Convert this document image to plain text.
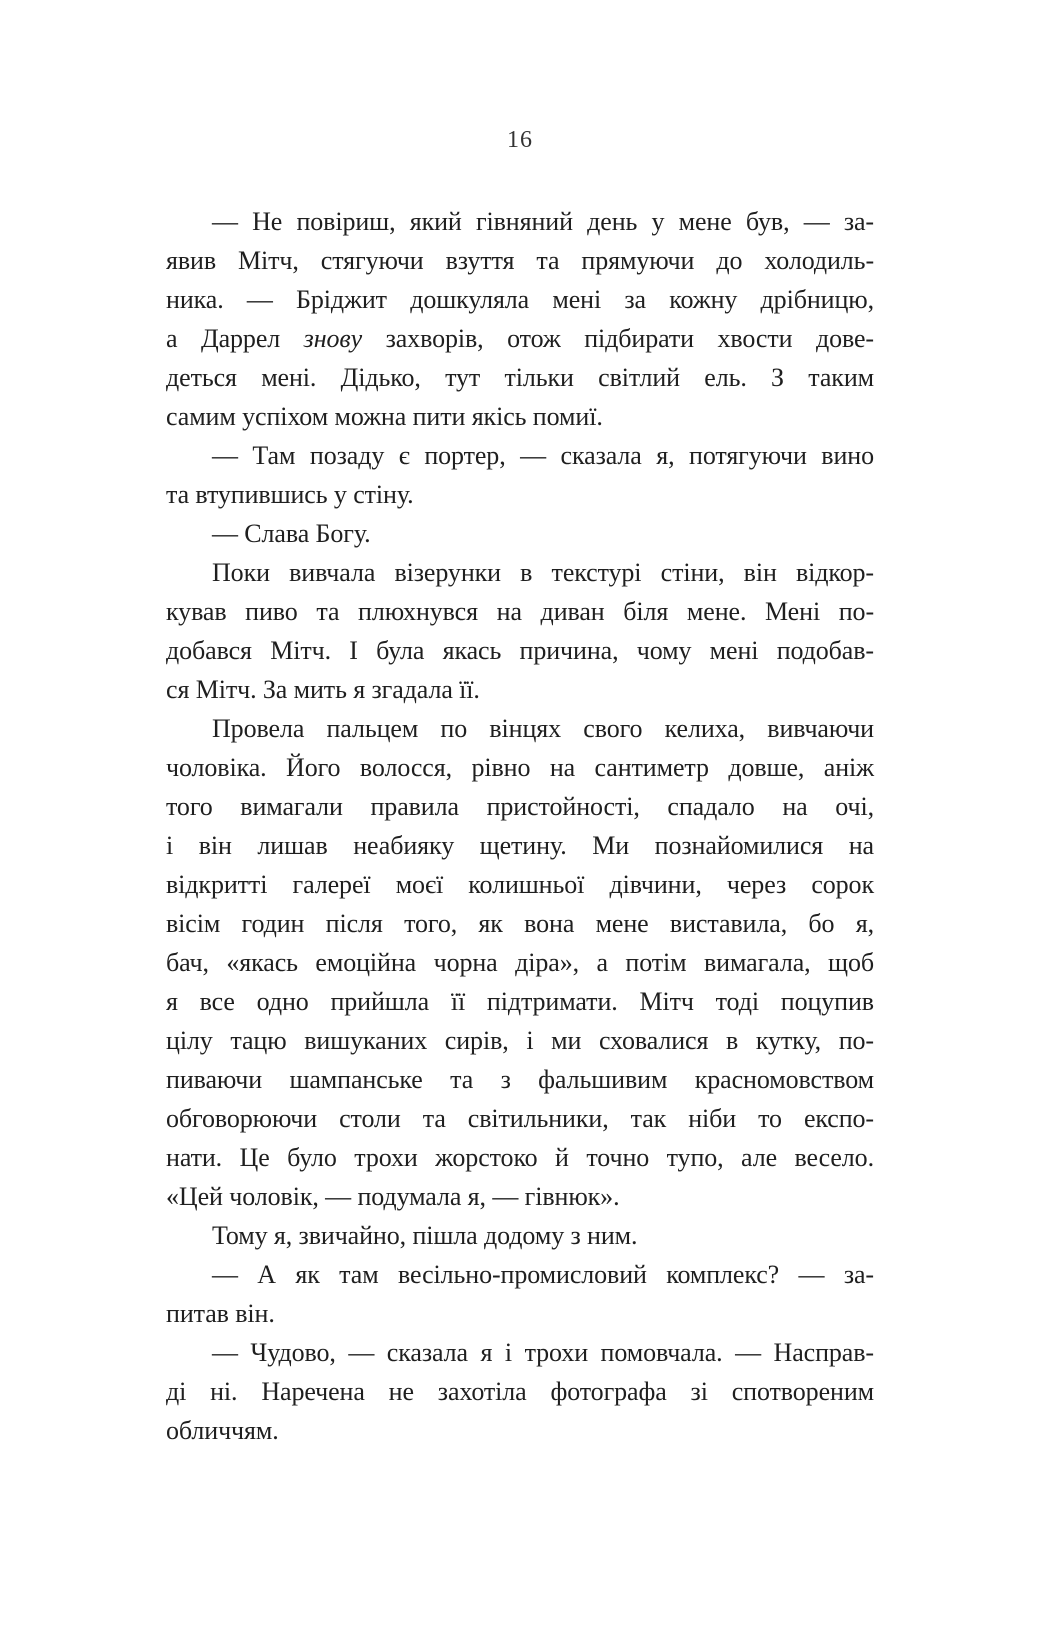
16
— Не повіриш, який гівняний день у мене був, — за-
явив Мітч, стягуючи взуття та прямуючи до холодиль-
ника. — Бріджит дошкуляла мені за кожну дрібницю,
а Даррел знову захворів, отож підбирати хвости дове-
деться мені. Дідько, тут тільки світлий ель. З таким
самим успіхом можна пити якісь помиї.
— Там позаду є портер, — сказала я, потягуючи вино
та втупившись у стіну.
— Слава Богу.
Поки вивчала візерунки в текстурі стіни, він відкор-
кував пиво та плюхнувся на диван біля мене. Мені по-
добався Мітч. І була якась причина, чому мені подобав-
ся Мітч. За мить я згадала її.
Провела пальцем по вінцях свого келиха, вивчаючи
чоловіка. Його волосся, рівно на сантиметр довше, аніж
того вимагали правила пристойності, спадало на очі,
і він лишав неабияку щетину. Ми познайомилися на
відкритті галереї моєї колишньої дівчини, через сорок
вісім годин після того, як вона мене виставила, бо я,
бач, «якась емоційна чорна діра», а потім вимагала, щоб
я все одно прийшла її підтримати. Мітч тоді поцупив
цілу тацю вишуканих сирів, і ми сховалися в кутку, по-
пиваючи шампанське та з фальшивим красномовством
обговорюючи столи та світильники, так ніби то експо-
нати. Це було трохи жорстоко й точно тупо, але весело.
«Цей чоловік, — подумала я, — гівнюк».
Тому я, звичайно, пішла додому з ним.
— А як там весільно-промисловий комплекс? — за-
питав він.
— Чудово, — сказала я і трохи помовчала. — Насправ-
ді ні. Наречена не захотіла фотографа зі спотвореним
обличчям.
